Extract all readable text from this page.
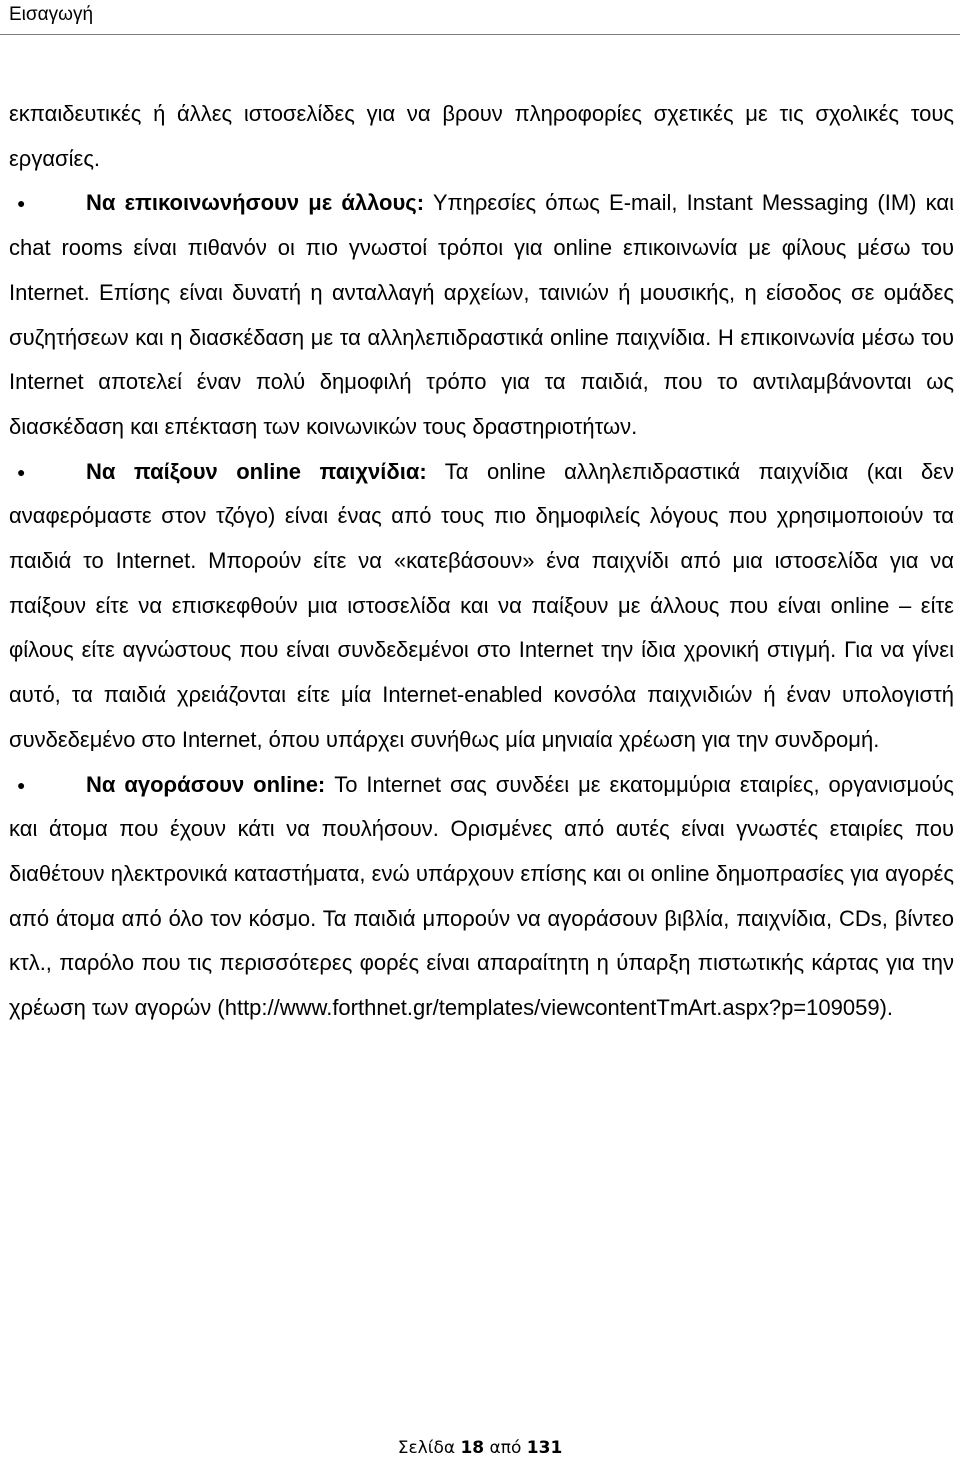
Εισαγωγή

εκπαιδευτικές ή άλλες ιστοσελίδες για να βρουν πληροφορίες σχετικές με τις σχολικές τους εργασίες.

●	Να επικοινωνήσουν με άλλους: Υπηρεσίες όπως E-mail, Instant Messaging (IM) και chat rooms είναι πιθανόν οι πιο γνωστοί τρόποι για online επικοινωνία με φίλους μέσω του Internet. Επίσης είναι δυνατή η ανταλλαγή αρχείων, ταινιών ή μουσικής, η είσοδος σε ομάδες συζητήσεων και η διασκέδαση με τα αλληλεπιδραστικά online παιχνίδια. Η επικοινωνία μέσω του Internet αποτελεί έναν πολύ δημοφιλή τρόπο για τα παιδιά, που το αντιλαμβάνονται ως διασκέδαση και επέκταση των κοινωνικών τους δραστηριοτήτων.

●	Να παίξουν online παιχνίδια: Τα online αλληλεπιδραστικά παιχνίδια (και δεν αναφερόμαστε στον τζόγο) είναι ένας από τους πιο δημοφιλείς λόγους που χρησιμοποιούν τα παιδιά το Internet. Μπορούν είτε να «κατεβάσουν» ένα παιχνίδι από μια ιστοσελίδα για να παίξουν είτε να επισκεφθούν μια ιστοσελίδα και να παίξουν με άλλους που είναι online – είτε φίλους είτε αγνώστους που είναι συνδεδεμένοι στο Internet την ίδια χρονική στιγμή. Για να γίνει αυτό, τα παιδιά χρειάζονται είτε μία Internet-enabled κονσόλα παιχνιδιών ή έναν υπολογιστή συνδεδεμένο στο Internet, όπου υπάρχει συνήθως μία μηνιαία χρέωση για την συνδρομή.

●	Να αγοράσουν online: Το Internet σας συνδέει με εκατομμύρια εταιρίες, οργανισμούς και άτομα που έχουν κάτι να πουλήσουν. Ορισμένες από αυτές είναι γνωστές εταιρίες που διαθέτουν ηλεκτρονικά καταστήματα, ενώ υπάρχουν επίσης και οι online δημοπρασίες για αγορές από άτομα από όλο τον κόσμο. Τα παιδιά μπορούν να αγοράσουν βιβλία, παιχνίδια, CDs, βίντεο κτλ., παρόλο που τις περισσότερες φορές είναι απαραίτητη η ύπαρξη πιστωτικής κάρτας για την χρέωση των αγορών (http://www.forthnet.gr/templates/viewcontentTmArt.aspx?p=109059).

Σελίδα 18 από 131
